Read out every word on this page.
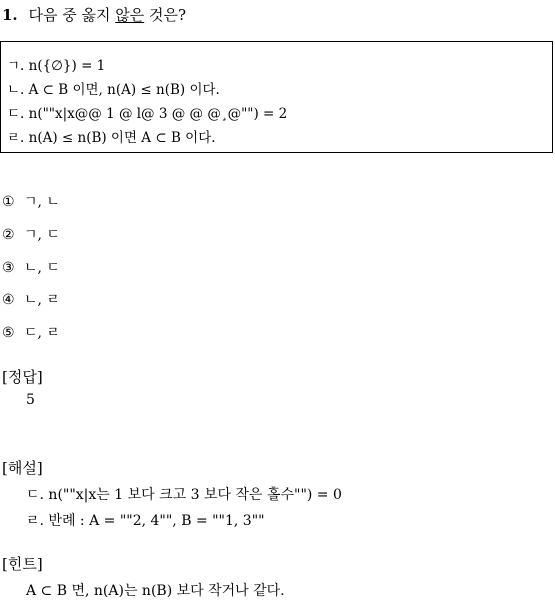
1. 다음 중 옳지 않은 것은?
ㄱ. n({∅}) = 1
ㄴ. A ⊂ B 이면, n(A) ≤ n(B) 이다.
ㄷ. n(""x|x@@ 1 @ l@ 3 @ @ @¸@"") = 2
ㄹ. n(A) ≤ n(B) 이면 A ⊂ B 이다.
① ㄱ, ㄴ
② ㄱ, ㄷ
③ ㄴ, ㄷ
④ ㄴ, ㄹ
⑤ ㄷ, ㄹ
[정답]
5
[해설]
ㄷ. n(""x|x는 1 보다 크고 3 보다 작은 홀수"") = 0
ㄹ. 반례 : A = ""2, 4"", B = ""1, 3""
[힌트]
A ⊂ B 면, n(A)는 n(B) 보다 작거나 같다.
